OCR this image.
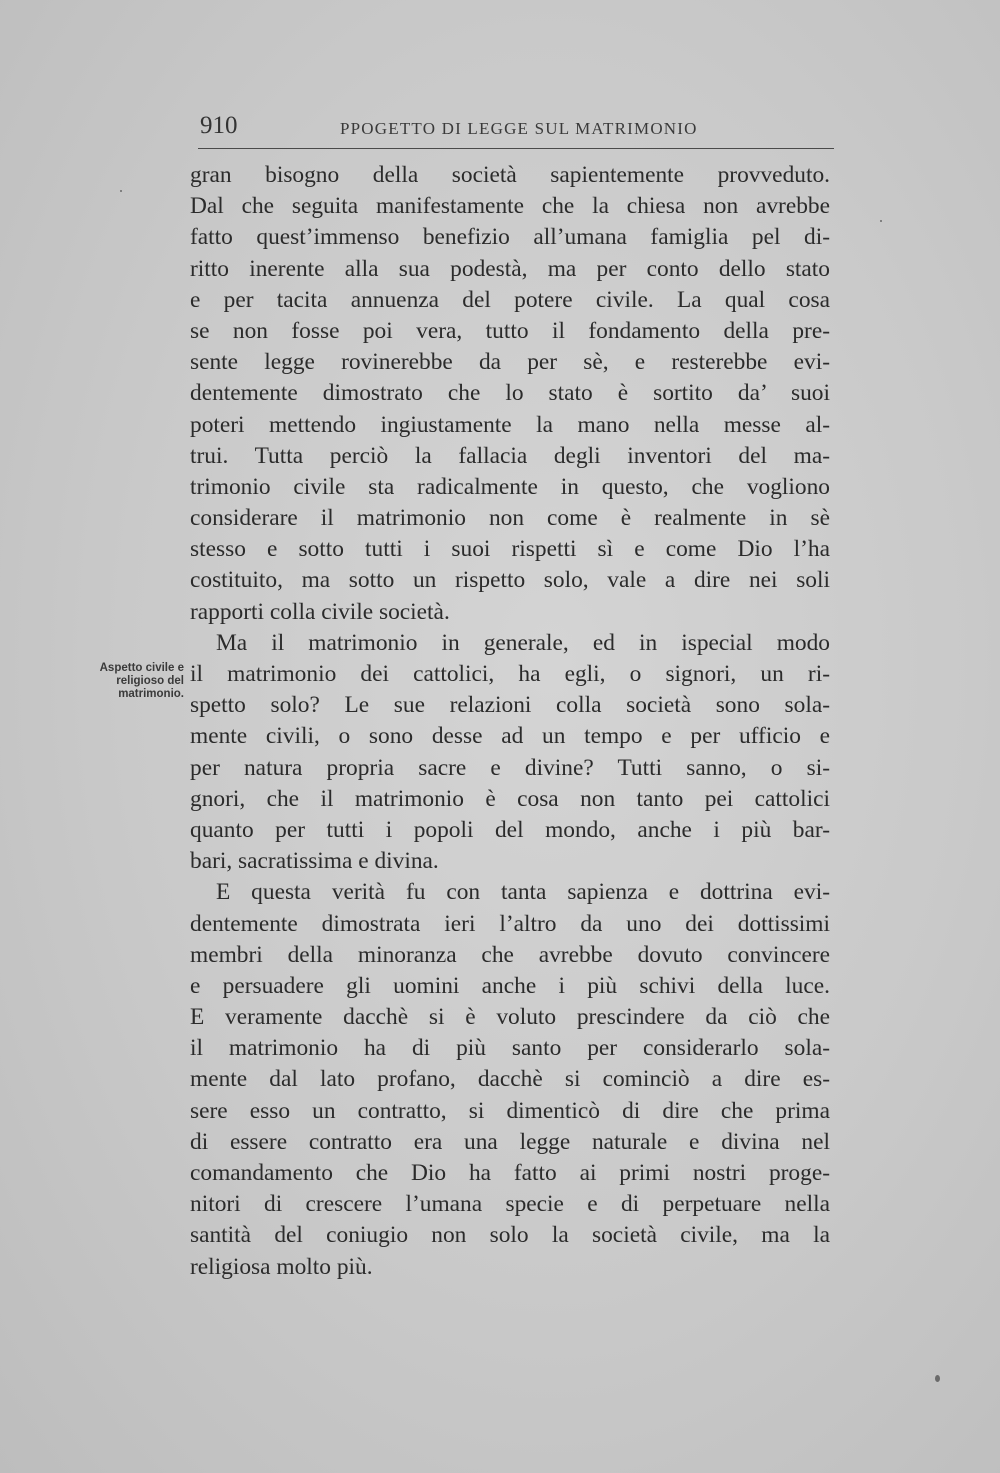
910	PPOGETTO DI LEGGE SUL MATRIMONIO
Aspetto civile e
religioso del
matrimonio.
gran bisogno della società sapientemente provveduto.
Dal che seguita manifestamente che la chiesa non avrebbe
fatto quest’immenso benefizio all’umana famiglia pel di-
ritto inerente alla sua podestà, ma per conto dello stato
e per tacita annuenza del potere civile. La qual cosa
se non fosse poi vera, tutto il fondamento della pre-
sente legge rovinerebbe da per sè, e resterebbe evi-
dentemente dimostrato che lo stato è sortito da’ suoi
poteri mettendo ingiustamente la mano nella messe al-
trui. Tutta perciò la fallacia degli inventori del ma-
trimonio civile sta radicalmente in questo, che vogliono
considerare il matrimonio non come è realmente in sè
stesso e sotto tutti i suoi rispetti sì e come Dio l’ha
costituito, ma sotto un rispetto solo, vale a dire nei soli
rapporti colla civile società.
Ma il matrimonio in generale, ed in ispecial modo
il matrimonio dei cattolici, ha egli, o signori, un ri-
spetto solo? Le sue relazioni colla società sono sola-
mente civili, o sono desse ad un tempo e per ufficio e
per natura propria sacre e divine? Tutti sanno, o si-
gnori, che il matrimonio è cosa non tanto pei cattolici
quanto per tutti i popoli del mondo, anche i più bar-
bari, sacratissima e divina.
E questa verità fu con tanta sapienza e dottrina evi-
dentemente dimostrata ieri l’altro da uno dei dottissimi
membri della minoranza che avrebbe dovuto convincere
e persuadere gli uomini anche i più schivi della luce.
E veramente dacchè si è voluto prescindere da ciò che
il matrimonio ha di più santo per considerarlo sola-
mente dal lato profano, dacchè si cominciò a dire es-
sere esso un contratto, si dimenticò di dire che prima
di essere contratto era una legge naturale e divina nel
comandamento che Dio ha fatto ai primi nostri proge-
nitori di crescere l’umana specie e di perpetuare nella
santità del coniugio non solo la società civile, ma la
religiosa molto più.
